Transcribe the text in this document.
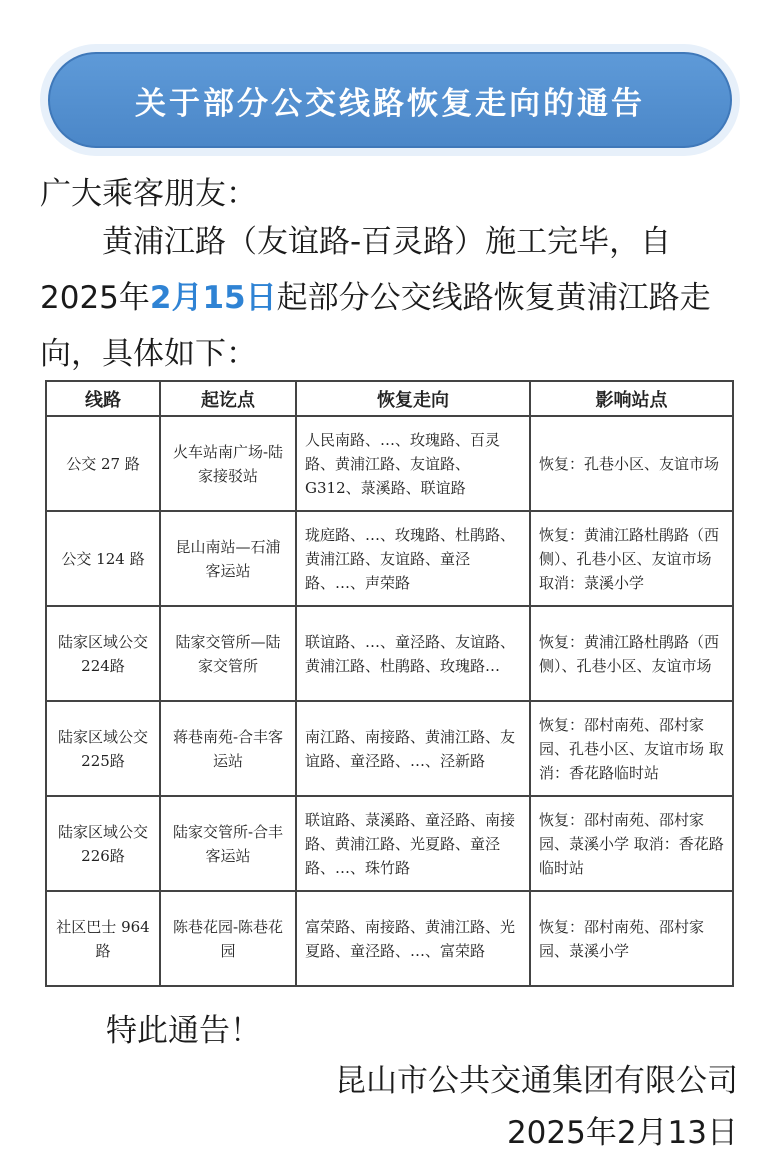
关于部分公交线路恢复走向的通告
广大乘客朋友：
黄浦江路（友谊路-百灵路）施工完毕，自2025年2月15日起部分公交线路恢复黄浦江路走向，具体如下：
线路	起讫点	恢复走向	影响站点
公交 27 路	火车站南广场-陆家接驳站	人民南路、…、玫瑰路、百灵路、黄浦江路、友谊路、G312、菉溪路、联谊路	恢复：孔巷小区、友谊市场
公交 124 路	昆山南站—石浦客运站	珑庭路、…、玫瑰路、杜鹃路、黄浦江路、友谊路、童泾路、…、声荣路	恢复：黄浦江路杜鹃路（西侧）、孔巷小区、友谊市场 取消：菉溪小学
陆家区域公交224路	陆家交管所—陆家交管所	联谊路、…、童泾路、友谊路、黄浦江路、杜鹃路、玫瑰路…	恢复：黄浦江路杜鹃路（西侧）、孔巷小区、友谊市场
陆家区域公交225路	蒋巷南苑-合丰客运站	南江路、南接路、黄浦江路、友谊路、童泾路、…、泾新路	恢复：邵村南苑、邵村家园、孔巷小区、友谊市场 取消：香花路临时站
陆家区域公交226路	陆家交管所-合丰客运站	联谊路、菉溪路、童泾路、南接路、黄浦江路、光夏路、童泾路、…、珠竹路	恢复：邵村南苑、邵村家园、菉溪小学 取消：香花路临时站
社区巴士 964 路	陈巷花园-陈巷花园	富荣路、南接路、黄浦江路、光夏路、童泾路、…、富荣路	恢复：邵村南苑、邵村家园、菉溪小学
特此通告！
昆山市公共交通集团有限公司
2025年2月13日
